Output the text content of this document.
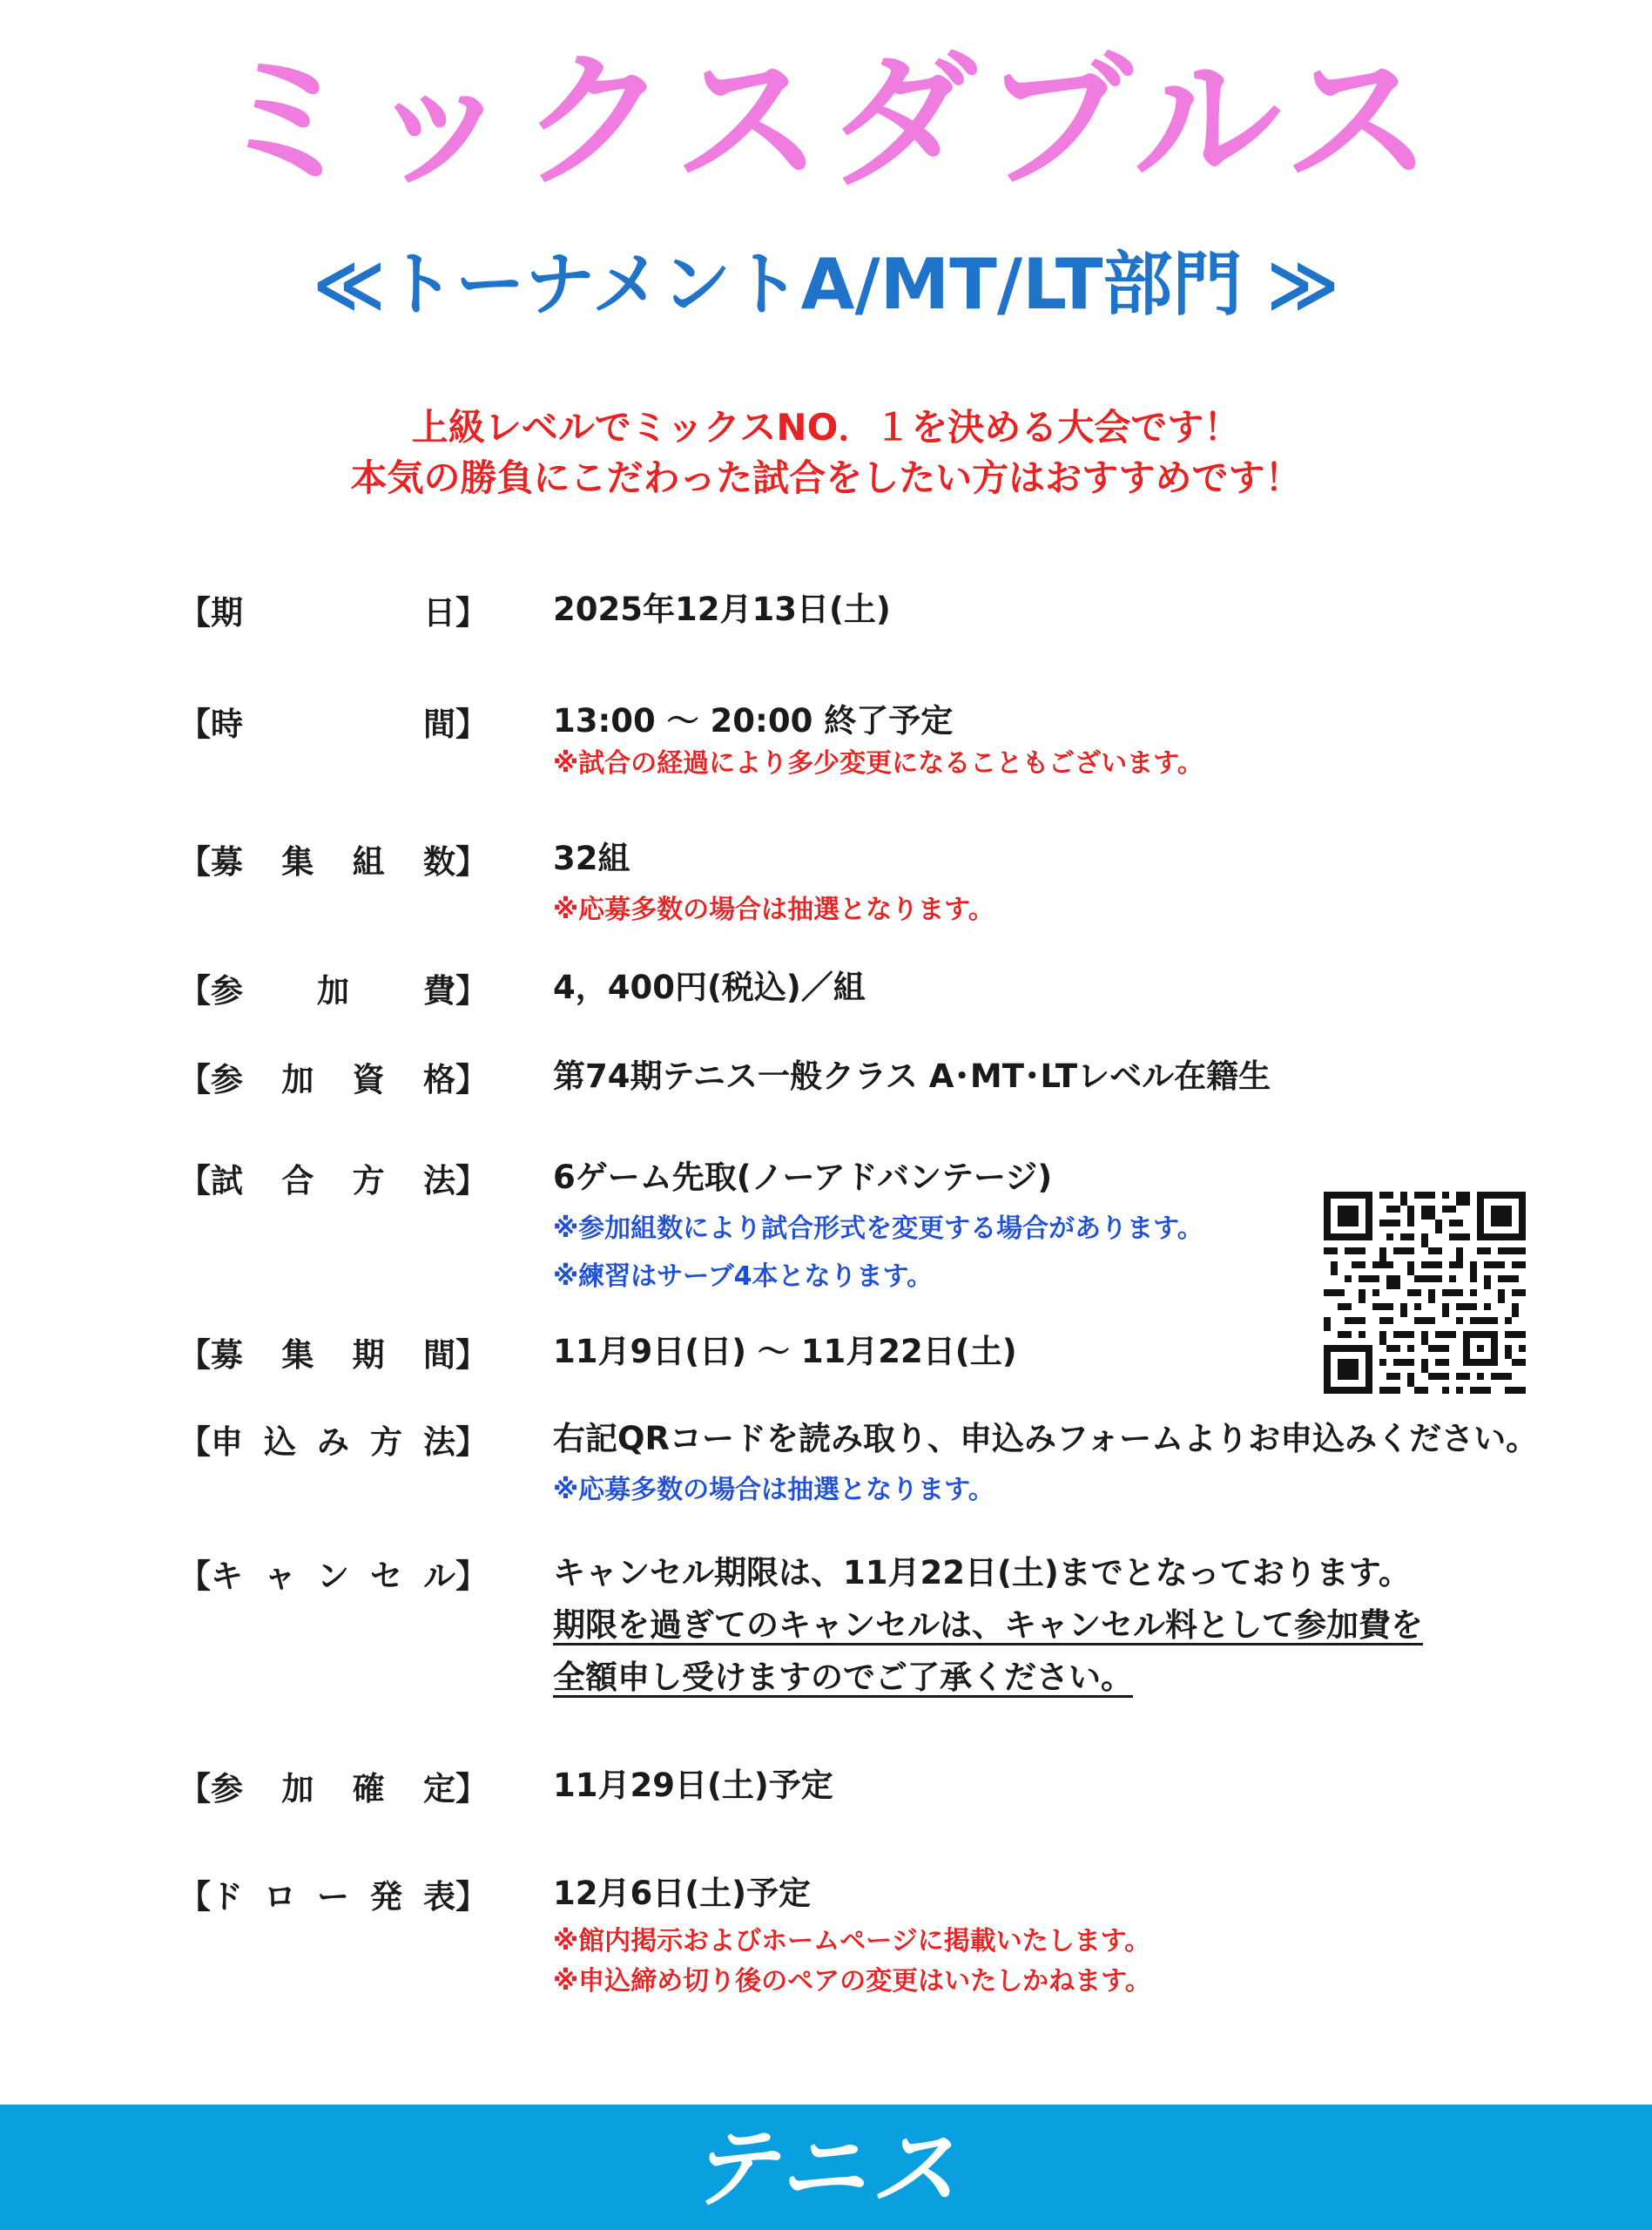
ミックスダブルス
≪トーナメントA/MT/LT部門 ≫
上級レベルでミックスNO．１を決める大会です！
本気の勝負にこだわった試合をしたい方はおすすめです！
【期	日】 2025年12月13日(土)
【時	間】 13:00 ～ 20:00 終了予定
※試合の経過により多少変更になることもございます。
【募 集 組 数】 32組
※応募多数の場合は抽選となります。
【参 加 費】 4，400円(税込)／組
【参 加 資 格】 第74期テニス一般クラス A･MT･LTレベル在籍生
【試 合 方 法】 6ゲーム先取(ノーアドバンテージ)
※参加組数により試合形式を変更する場合があります。
※練習はサーブ4本となります。
【募 集 期 間】 11月9日(日) ～ 11月22日(土)
【申 込 み 方 法】 右記QRコードを読み取り、申込みフォームよりお申込みください。
※応募多数の場合は抽選となります。
【キ ャ ン セ ル】 キャンセル期限は、11月22日(土)までとなっております。
期限を過ぎてのキャンセルは、キャンセル料として参加費を
全額申し受けますのでご了承ください。
【参 加 確 定】 11月29日(土)予定
【ド ロ ー 発 表】 12月6日(土)予定
※館内掲示およびホームページに掲載いたします。
※申込締め切り後のペアの変更はいたしかねます。
テニス
